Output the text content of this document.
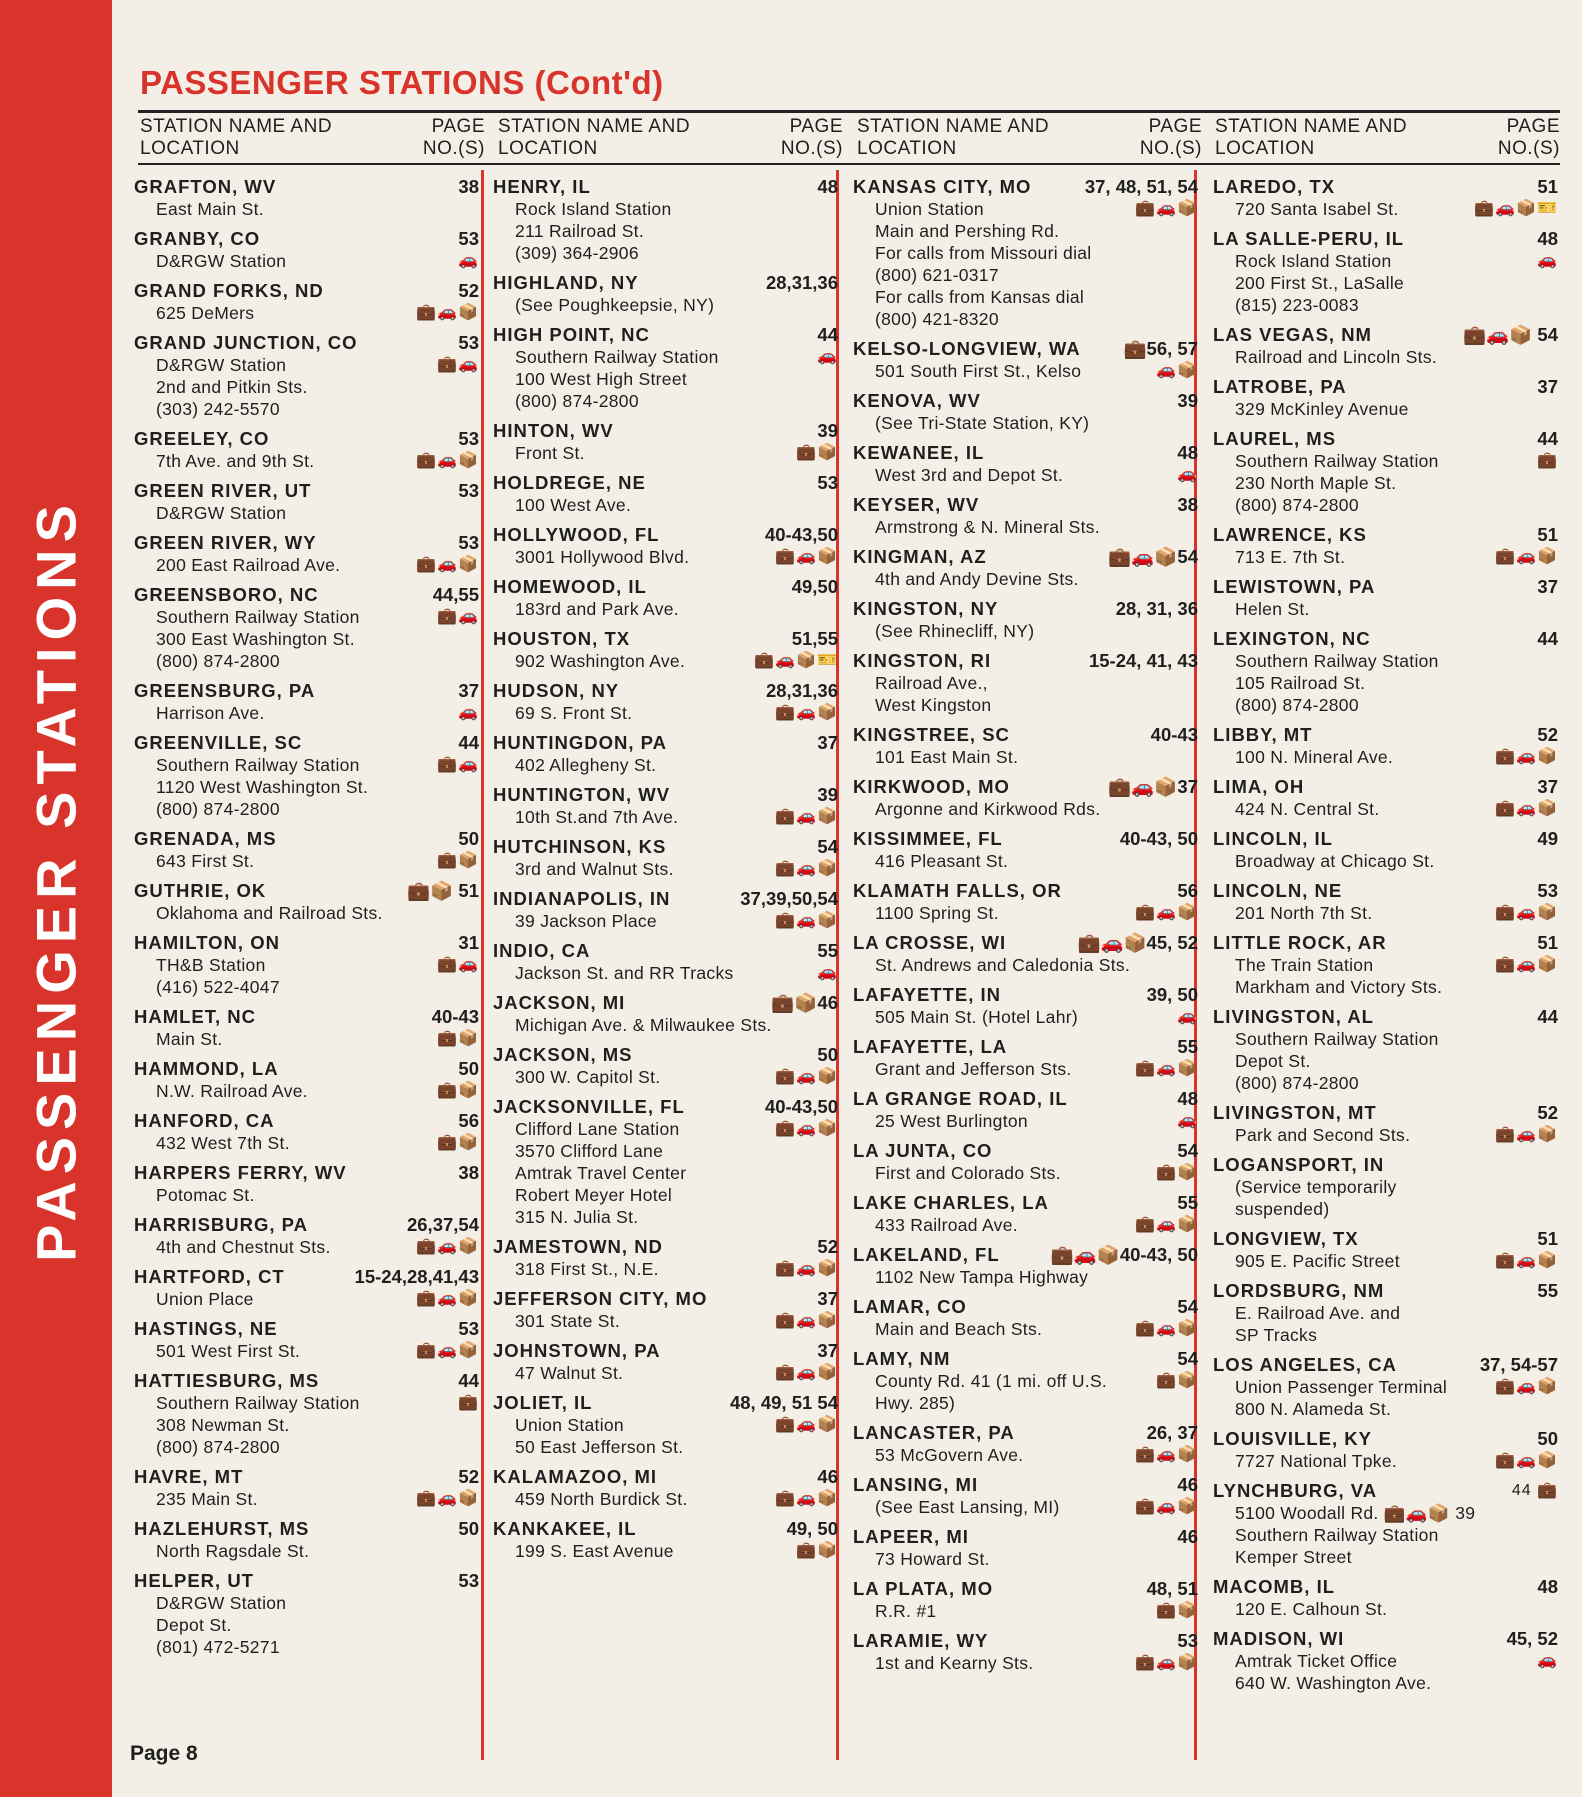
PASSENGER STATIONS
PASSENGER STATIONS (Cont'd)
STATION NAME AND
LOCATION
PAGE
NO.(S)
STATION NAME AND
LOCATION
PAGE
NO.(S)
STATION NAME AND
LOCATION
PAGE
NO.(S)
STATION NAME AND
LOCATION
PAGE
NO.(S)
GRAFTON, WV
East Main St.
38
GRANBY, CO
D&RGW Station
53
🚗
GRAND FORKS, ND
625 DeMers
52
💼🚗📦
GRAND JUNCTION, CO
D&RGW Station
2nd and Pitkin Sts.
(303) 242-5570
53
💼🚗
GREELEY, CO
7th Ave. and 9th St.
53
💼🚗📦
GREEN RIVER, UT
D&RGW Station
53
GREEN RIVER, WY
200 East Railroad Ave.
53
💼🚗📦
GREENSBORO, NC
Southern Railway Station
300 East Washington St.
(800) 874-2800
44,55
💼🚗
GREENSBURG, PA
Harrison Ave.
37
🚗
GREENVILLE, SC
Southern Railway Station
1120 West Washington St.
(800) 874-2800
44
💼🚗
GRENADA, MS
643 First St.
50
💼📦
GUTHRIE, OK
Oklahoma and Railroad Sts.
💼📦 51
HAMILTON, ON
TH&B Station
(416) 522-4047
31
💼🚗
HAMLET, NC
Main St.
40-43
💼📦
HAMMOND, LA
N.W. Railroad Ave.
50
💼📦
HANFORD, CA
432 West 7th St.
56
💼📦
HARPERS FERRY, WV
Potomac St.
38
HARRISBURG, PA
4th and Chestnut Sts.
26,37,54
💼🚗📦
HARTFORD, CT
Union Place
15-24,28,41,43
💼🚗📦
HASTINGS, NE
501 West First St.
53
💼🚗📦
HATTIESBURG, MS
Southern Railway Station
308 Newman St.
(800) 874-2800
44
💼
HAVRE, MT
235 Main St.
52
💼🚗📦
HAZLEHURST, MS
North Ragsdale St.
50
HELPER, UT
D&RGW Station
Depot St.
(801) 472-5271
53
HENRY, IL
Rock Island Station
211 Railroad St.
(309) 364-2906
48
HIGHLAND, NY
(See Poughkeepsie, NY)
28,31,36
HIGH POINT, NC
Southern Railway Station
100 West High Street
(800) 874-2800
44
🚗
HINTON, WV
Front St.
39
💼📦
HOLDREGE, NE
100 West Ave.
53
HOLLYWOOD, FL
3001 Hollywood Blvd.
40-43,50
💼🚗📦
HOMEWOOD, IL
183rd and Park Ave.
49,50
HOUSTON, TX
902 Washington Ave.
51,55
💼🚗📦🎫
HUDSON, NY
69 S. Front St.
28,31,36
💼🚗📦
HUNTINGDON, PA
402 Allegheny St.
37
HUNTINGTON, WV
10th St.and 7th Ave.
39
💼🚗📦
HUTCHINSON, KS
3rd and Walnut Sts.
54
💼🚗📦
INDIANAPOLIS, IN
39 Jackson Place
37,39,50,54
💼🚗📦
INDIO, CA
Jackson St. and RR Tracks
55
🚗
JACKSON, MI
Michigan Ave. & Milwaukee Sts.
💼📦46
JACKSON, MS
300 W. Capitol St.
50
💼🚗📦
JACKSONVILLE, FL
Clifford Lane Station
3570 Clifford Lane
Amtrak Travel Center
Robert Meyer Hotel
315 N. Julia St.
40-43,50
💼🚗📦
JAMESTOWN, ND
318 First St., N.E.
52
💼🚗📦
JEFFERSON CITY, MO
301 State St.
37
💼🚗📦
JOHNSTOWN, PA
47 Walnut St.
37
💼🚗📦
JOLIET, IL
Union Station
50 East Jefferson St.
48, 49, 51 54
💼🚗📦
KALAMAZOO, MI
459 North Burdick St.
46
💼🚗📦
KANKAKEE, IL
199 S. East Avenue
49, 50
💼📦
KANSAS CITY, MO
Union Station
Main and Pershing Rd.
For calls from Missouri dial
(800) 621-0317
For calls from Kansas dial
(800) 421-8320
37, 48, 51, 54
💼🚗📦
KELSO-LONGVIEW, WA
501 South First St., Kelso
💼56, 57
🚗📦
KENOVA, WV
(See Tri-State Station, KY)
39
KEWANEE, IL
West 3rd and Depot St.
48
🚗
KEYSER, WV
Armstrong & N. Mineral Sts.
38
KINGMAN, AZ
4th and Andy Devine Sts.
💼🚗📦54
KINGSTON, NY
(See Rhinecliff, NY)
28, 31, 36
KINGSTON, RI
Railroad Ave.,
West Kingston
15-24, 41, 43
KINGSTREE, SC
101 East Main St.
40-43
KIRKWOOD, MO
Argonne and Kirkwood Rds.
💼🚗📦37
KISSIMMEE, FL
416 Pleasant St.
40-43, 50
KLAMATH FALLS, OR
1100 Spring St.
56
💼🚗📦
LA CROSSE, WI
St. Andrews and Caledonia Sts.
💼🚗📦45, 52
LAFAYETTE, IN
505 Main St. (Hotel Lahr)
39, 50
🚗
LAFAYETTE, LA
Grant and Jefferson Sts.
55
💼🚗📦
LA GRANGE ROAD, IL
25 West Burlington
48
🚗
LA JUNTA, CO
First and Colorado Sts.
54
💼📦
LAKE CHARLES, LA
433 Railroad Ave.
55
💼🚗📦
LAKELAND, FL
1102 New Tampa Highway
💼🚗📦40-43, 50
LAMAR, CO
Main and Beach Sts.
54
💼🚗📦
LAMY, NM
County Rd. 41 (1 mi. off U.S.
Hwy. 285)
54
💼📦
LANCASTER, PA
53 McGovern Ave.
26, 37
💼🚗📦
LANSING, MI
(See East Lansing, MI)
46
💼🚗📦
LAPEER, MI
73 Howard St.
46
LA PLATA, MO
R.R. #1
48, 51
💼📦
LARAMIE, WY
1st and Kearny Sts.
53
💼🚗📦
LAREDO, TX
720 Santa Isabel St.
51
💼🚗📦🎫
LA SALLE-PERU, IL
Rock Island Station
200 First St., LaSalle
(815) 223-0083
48
🚗
LAS VEGAS, NM
Railroad and Lincoln Sts.
💼🚗📦 54
LATROBE, PA
329 McKinley Avenue
37
LAUREL, MS
Southern Railway Station
230 North Maple St.
(800) 874-2800
44
💼
LAWRENCE, KS
713 E. 7th St.
51
💼🚗📦
LEWISTOWN, PA
Helen St.
37
LEXINGTON, NC
Southern Railway Station
105 Railroad St.
(800) 874-2800
44
LIBBY, MT
100 N. Mineral Ave.
52
💼🚗📦
LIMA, OH
424 N. Central St.
37
💼🚗📦
LINCOLN, IL
Broadway at Chicago St.
49
LINCOLN, NE
201 North 7th St.
53
💼🚗📦
LITTLE ROCK, AR
The Train Station
Markham and Victory Sts.
51
💼🚗📦
LIVINGSTON, AL
Southern Railway Station
Depot St.
(800) 874-2800
44
LIVINGSTON, MT
Park and Second Sts.
52
💼🚗📦
LOGANSPORT, IN
(Service temporarily
suspended)
LONGVIEW, TX
905 E. Pacific Street
51
💼🚗📦
LORDSBURG, NM
E. Railroad Ave. and
SP Tracks
55
LOS ANGELES, CA
Union Passenger Terminal
800 N. Alameda St.
37, 54-57
💼🚗📦
LOUISVILLE, KY
7727 National Tpke.
50
💼🚗📦
LYNCHBURG, VA
5100 Woodall Rd. 💼🚗📦 39
Southern Railway Station
Kemper Street
44 💼
MACOMB, IL
120 E. Calhoun St.
48
MADISON, WI
Amtrak Ticket Office
640 W. Washington Ave.
45, 52
🚗
Page 8
